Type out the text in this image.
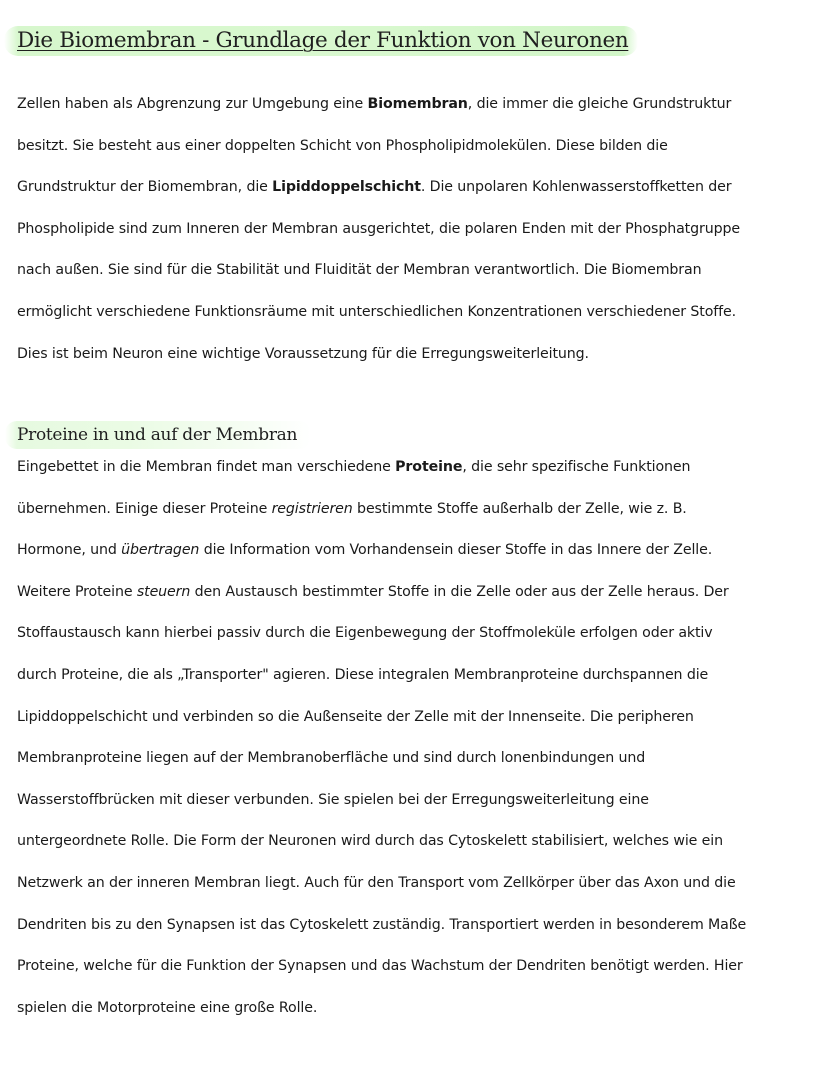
Die Biomembran - Grundlage der Funktion von Neuronen

Zellen haben als Abgrenzung zur Umgebung eine Biomembran, die immer die gleiche Grundstruktur
besitzt. Sie besteht aus einer doppelten Schicht von Phospholipidmolekülen. Diese bilden die
Grundstruktur der Biomembran, die Lipiddoppelschicht. Die unpolaren Kohlenwasserstoffketten der
Phospholipide sind zum Inneren der Membran ausgerichtet, die polaren Enden mit der Phosphatgruppe
nach außen. Sie sind für die Stabilität und Fluidität der Membran verantwortlich. Die Biomembran
ermöglicht verschiedene Funktionsräume mit unterschiedlichen Konzentrationen verschiedener Stoffe.
Dies ist beim Neuron eine wichtige Voraussetzung für die Erregungsweiterleitung.

Proteine in und auf der Membran

Eingebettet in die Membran findet man verschiedene Proteine, die sehr spezifische Funktionen
übernehmen. Einige dieser Proteine registrieren bestimmte Stoffe außerhalb der Zelle, wie z. B.
Hormone, und übertragen die Information vom Vorhandensein dieser Stoffe in das Innere der Zelle.
Weitere Proteine steuern den Austausch bestimmter Stoffe in die Zelle oder aus der Zelle heraus. Der
Stoffaustausch kann hierbei passiv durch die Eigenbewegung der Stoffmoleküle erfolgen oder aktiv
durch Proteine, die als „Transporter" agieren. Diese integralen Membranproteine durchspannen die
Lipiddoppelschicht und verbinden so die Außenseite der Zelle mit der Innenseite. Die peripheren
Membranproteine liegen auf der Membranoberfläche und sind durch lonenbindungen und
Wasserstoffbrücken mit dieser verbunden. Sie spielen bei der Erregungsweiterleitung eine
untergeordnete Rolle. Die Form der Neuronen wird durch das Cytoskelett stabilisiert, welches wie ein
Netzwerk an der inneren Membran liegt. Auch für den Transport vom Zellkörper über das Axon und die
Dendriten bis zu den Synapsen ist das Cytoskelett zuständig. Transportiert werden in besonderem Maße
Proteine, welche für die Funktion der Synapsen und das Wachstum der Dendriten benötigt werden. Hier
spielen die Motorproteine eine große Rolle.
